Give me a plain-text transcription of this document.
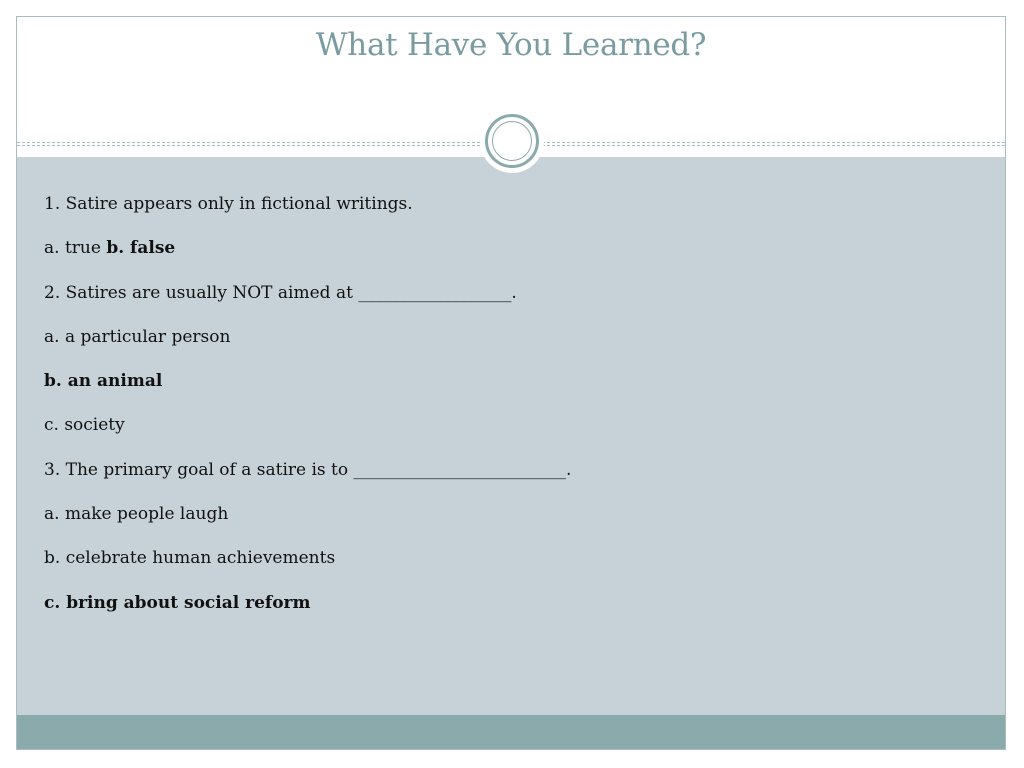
What Have You Learned?
1. Satire appears only in fictional writings.
a. true b. false
2. Satires are usually NOT aimed at __________________.
a. a particular person
b. an animal
c. society
3. The primary goal of a satire is to _________________________.
a. make people laugh
b. celebrate human achievements
c. bring about social reform
